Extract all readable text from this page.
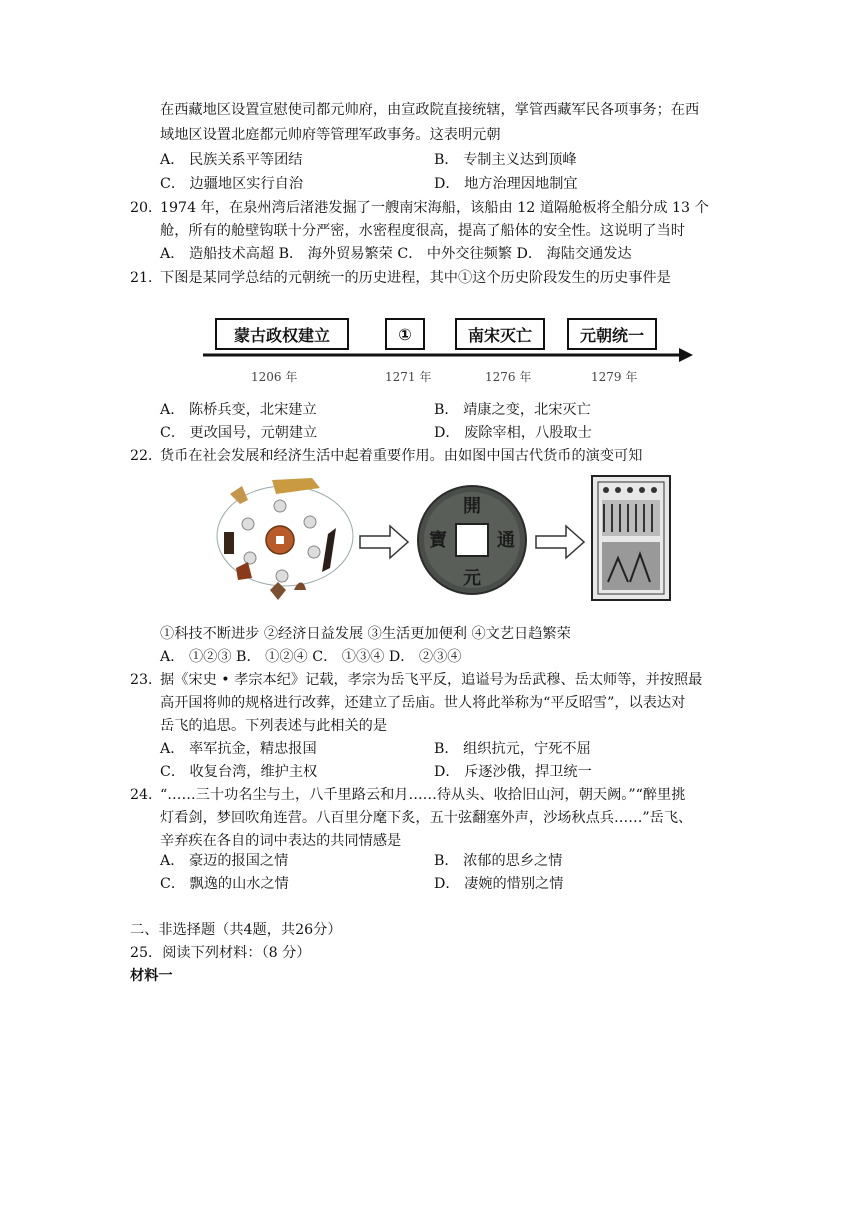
在西藏地区设置宣慰使司都元帅府，由宣政院直接统辖，掌管西藏军民各项事务；在西
域地区设置北庭都元帅府等管理军政事务。这表明元朝
A． 民族关系平等团结	B． 专制主义达到顶峰
C． 边疆地区实行自治	D． 地方治理因地制宜
20．
1974 年，在泉州湾后渚港发掘了一艘南宋海船，该船由 12 道隔舱板将全船分成 13 个
舱，所有的舱壁钩联十分严密，水密程度很高，提高了船体的安全性。这说明了当时
A． 造船技术高超 B． 海外贸易繁荣 C． 中外交往频繁 D． 海陆交通发达
21．
下图是某同学总结的元朝统一的历史进程，其中①这个历史阶段发生的历史事件是
蒙古政权建立	①	南宋灭亡	元朝统一
1206 年	1271 年	1276 年	1279 年
A． 陈桥兵变，北宋建立	B． 靖康之变，北宋灭亡
C． 更改国号，元朝建立	D． 废除宰相，八股取士
22．
货币在社会发展和经济生活中起着重要作用。由如图中国古代货币的演变可知
開
元
通
寶
①科技不断进步 ②经济日益发展 ③生活更加便利 ④文艺日趋繁荣
A． ①②③ B． ①②④ C． ①③④ D． ②③④
23．
据《宋史 • 孝宗本纪》记载，孝宗为岳飞平反，追谥号为岳武穆、岳太师等，并按照最
高开国将帅的规格进行改葬，还建立了岳庙。世人将此举称为“平反昭雪”，以表达对
岳飞的追思。下列表述与此相关的是
A． 率军抗金，精忠报国	B． 组织抗元，宁死不屈
C． 收复台湾，维护主权	D． 斥逐沙俄，捍卫统一
24．
“……三十功名尘与土，八千里路云和月……待从头、收拾旧山河，朝天阙。”“醉里挑
灯看剑，梦回吹角连营。八百里分麾下炙，五十弦翻塞外声，沙场秋点兵……”岳飞、
辛弃疾在各自的词中表达的共同情感是
A． 豪迈的报国之情	B． 浓郁的思乡之情
C． 飘逸的山水之情	D． 凄婉的惜别之情
二、非选择题（共4题，共26分）
25．阅读下列材料：（8 分）
材料一
